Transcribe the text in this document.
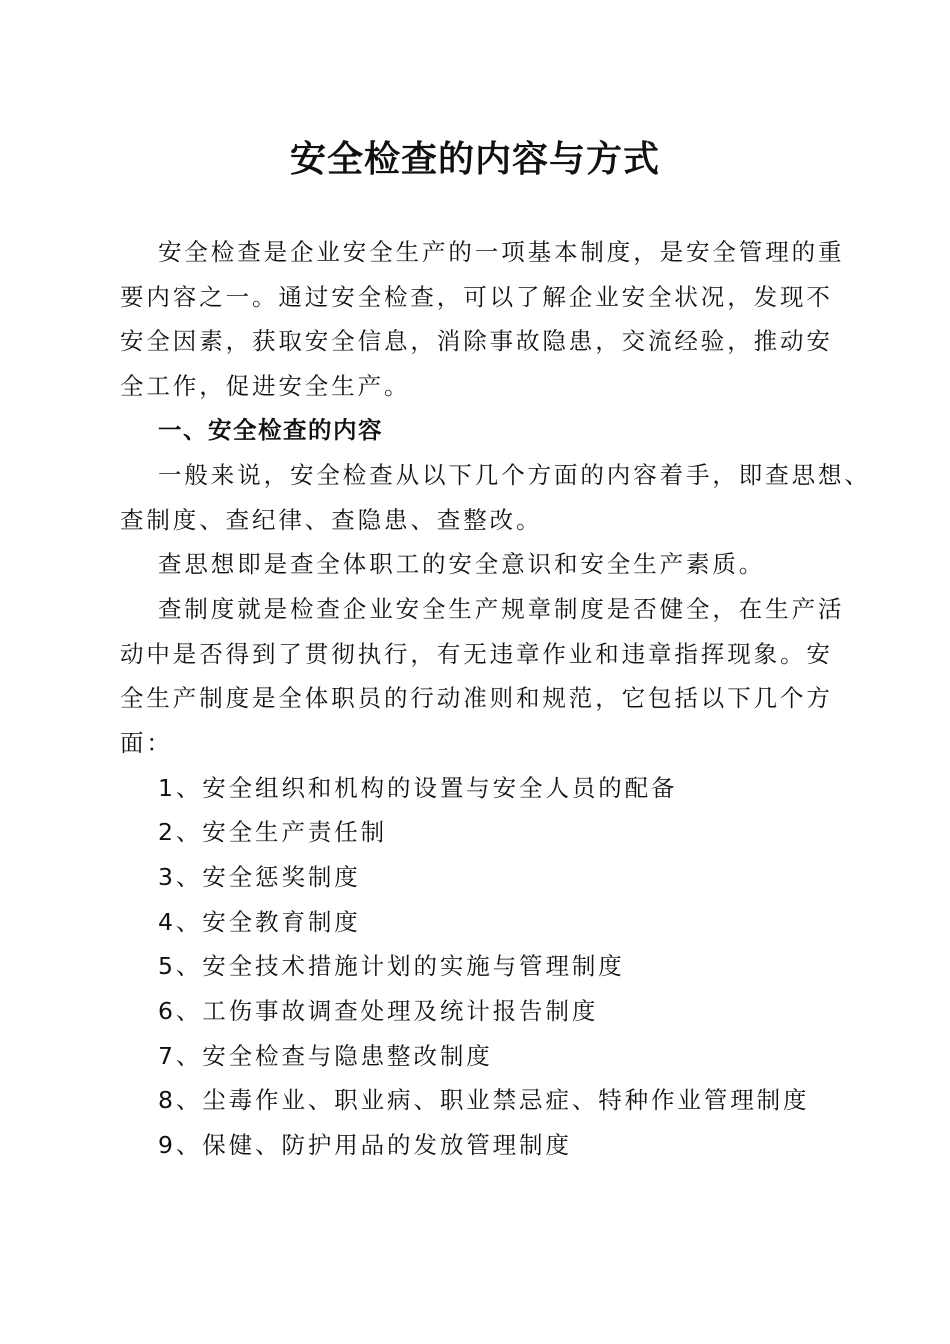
安全检查的内容与方式

安全检查是企业安全生产的一项基本制度，是安全管理的重

要内容之一。通过安全检查，可以了解企业安全状况，发现不

安全因素，获取安全信息，消除事故隐患，交流经验，推动安

全工作，促进安全生产。

一、安全检查的内容

一般来说，安全检查从以下几个方面的内容着手，即查思想、

查制度、查纪律、查隐患、查整改。

查思想即是查全体职工的安全意识和安全生产素质。

查制度就是检查企业安全生产规章制度是否健全，在生产活

动中是否得到了贯彻执行，有无违章作业和违章指挥现象。安

全生产制度是全体职员的行动准则和规范，它包括以下几个方

面：

1、安全组织和机构的设置与安全人员的配备

2、安全生产责任制

3、安全惩奖制度

4、安全教育制度

5、安全技术措施计划的实施与管理制度

6、工伤事故调查处理及统计报告制度

7、安全检查与隐患整改制度

8、尘毒作业、职业病、职业禁忌症、特种作业管理制度

9、保健、防护用品的发放管理制度
